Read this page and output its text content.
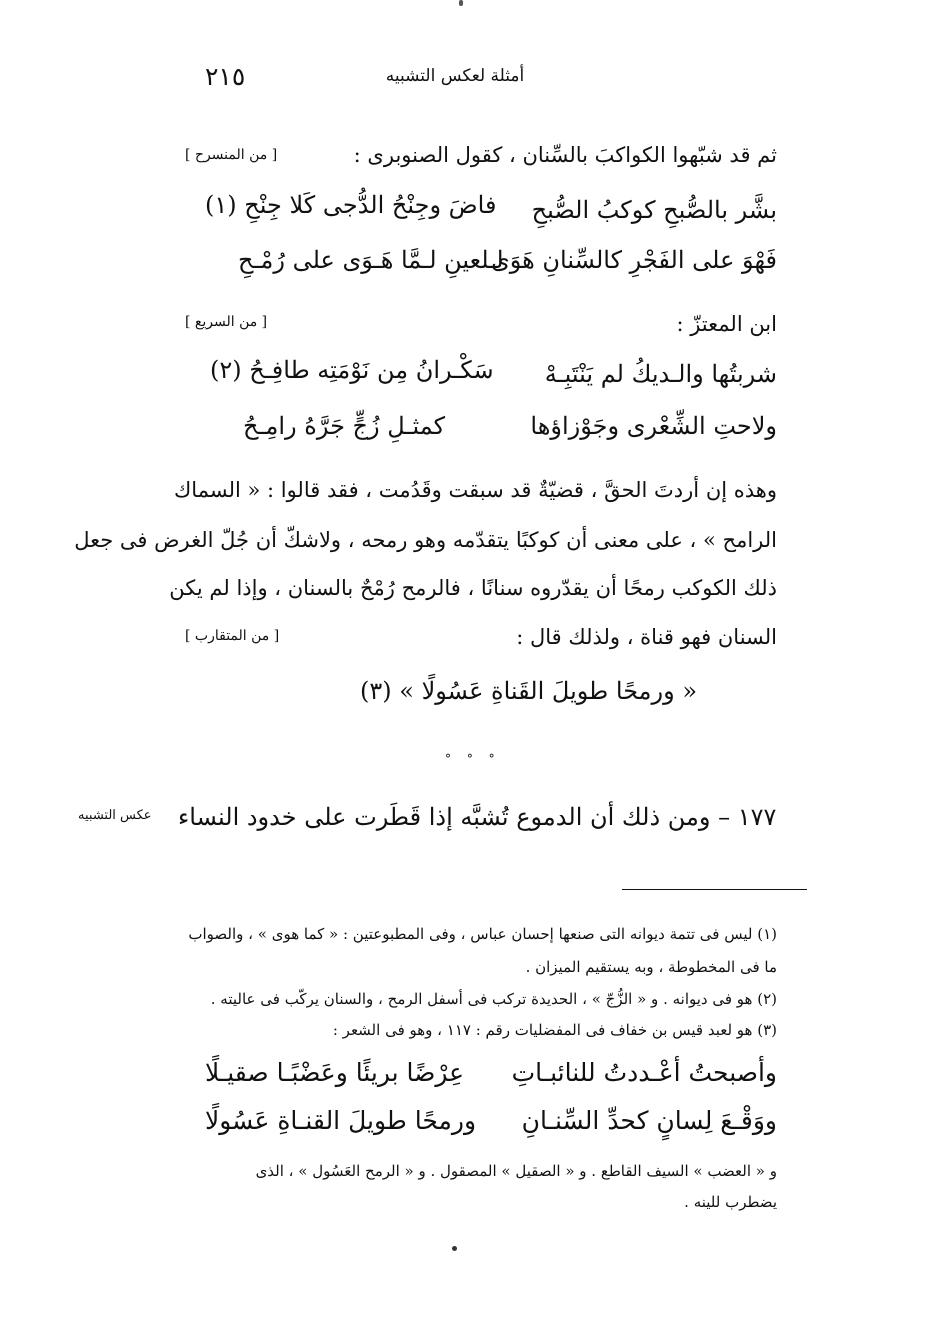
٢١٥	أمثلة لعكس التشبيه
ثم قد شبّهوا الكواكبَ بالسِّنان ، كقول الصنوبرى :
[ من المنسرح ]
بشَّر بالصُّبحِ كوكبُ الصُّبحِ
فاضَ وجِنْحُ الدُّجى كَلا جِنْحِ (١)
فَهْوَ على الفَجْرِ كالسِّنانِ هَوَى
لـلعينِ لـمَّا هَـوَى على رُمْـحِ
ابن المعتزّ :
[ من السريع ]
شربتُها والـديكُ لم يَنْتَبِـهْ
سَكْـرانُ مِن نَوْمَتِه طافِـحُ (٢)
ولاحتِ الشِّعْرى وجَوْزاؤها
كمثـلِ زُجٍّ جَرَّهُ رامِـحُ
وهذه إن أردتَ الحقَّ ، قضيّةٌ قد سبقت وقَدُمت ، فقد قالوا : « السماك
الرامح » ، على معنى أن كوكبًا يتقدّمه وهو رمحه ، ولاشكّ أن جُلّ الغرض فى جعل
ذلك الكوكب رمحًا أن يقدّروه سنانًا ، فالرمح رُمْحٌ بالسنان ، وإذا لم يكن
السنان فهو قناة ، ولذلك قال :
[ من المتقارب ]
« ورمحًا طويلَ القَناةِ عَسُولًا » (٣)
° ° °
١٧٧ – ومن ذلك أن الدموع تُشبَّه إذا قَطَرت على خدود النساء
عكس التشبيه
(١) ليس فى تتمة ديوانه التى صنعها إحسان عباس ، وفى المطبوعتين : « كما هوى » ، والصواب
ما فى المخطوطة ، وبه يستقيم الميزان .
(٢) هو فى ديوانه . و « الزُّجّ » ، الحديدة تركب فى أسفل الرمح ، والسنان يركّب فى عاليته .
(٣) هو لعبد قيس بن خفاف فى المفضليات رقم : ١١٧ ، وهو فى الشعر :
وأصبحتُ أعْـددتُ للنائبـاتِ
عِرْضًا بريئًا وعَضْبًـا صقيـلًا
ووَقْـعَ لِسانٍ كحدِّ السِّنـانِ
ورمحًا طويلَ القنـاةِ عَسُولًا
و « العضب » السيف القاطع . و « الصقيل » المصقول . و « الرمح العَسُول » ، الذى
يضطرب للينه .
